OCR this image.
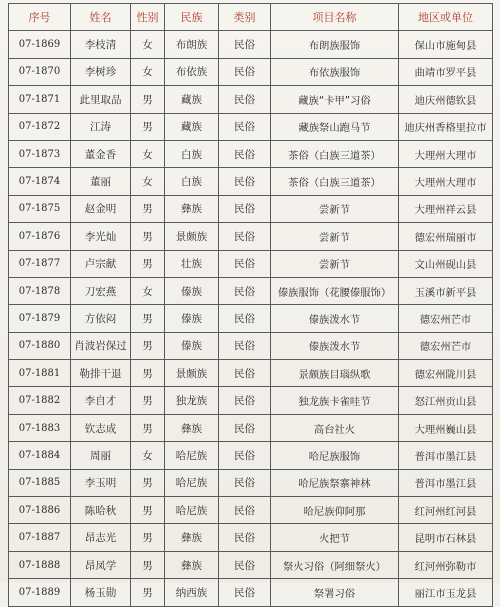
序号	姓名	性别	民族	类别	项目名称	地区或单位
07-1869	李枝清	女	布朗族	民俗	布朗族服饰	保山市施甸县
07-1870	李树珍	女	布依族	民俗	布依族服饰	曲靖市罗平县
07-1871	此里取品	男	藏族	民俗	藏族“卡甲”习俗	迪庆州德钦县
07-1872	江涛	男	藏族	民俗	藏族祭山跑马节	迪庆州香格里拉市
07-1873	董金香	女	白族	民俗	茶俗（白族三道茶）	大理州大理市
07-1874	董丽	女	白族	民俗	茶俗（白族三道茶）	大理州大理市
07-1875	赵金明	男	彝族	民俗	尝新节	大理州祥云县
07-1876	李光灿	男	景颇族	民俗	尝新节	德宏州瑞丽市
07-1877	卢宗献	男	壮族	民俗	尝新节	文山州砚山县
07-1878	刀宏燕	女	傣族	民俗	傣族服饰（花腰傣服饰）	玉溪市新平县
07-1879	方依闷	男	傣族	民俗	傣族泼水节	德宏州芒市
07-1880	肖波岩保过	男	傣族	民俗	傣族泼水节	德宏州芒市
07-1881	勒排干退	男	景颇族	民俗	景颇族目瑙纵歌	德宏州陇川县
07-1882	李自才	男	独龙族	民俗	独龙族卡雀哇节	怒江州贡山县
07-1883	钦志成	男	彝族	民俗	高台社火	大理州巍山县
07-1884	周丽	女	哈尼族	民俗	哈尼族服饰	普洱市墨江县
07-1885	李玉明	男	哈尼族	民俗	哈尼族祭寨神林	普洱市墨江县
07-1886	陈哈秋	男	哈尼族	民俗	哈尼族仰阿那	红河州红河县
07-1887	昂志光	男	彝族	民俗	火把节	昆明市石林县
07-1888	昂凤学	男	彝族	民俗	祭火习俗（阿细祭火）	红河州弥勒市
07-1889	杨玉勋	男	纳西族	民俗	祭署习俗	丽江市玉龙县
